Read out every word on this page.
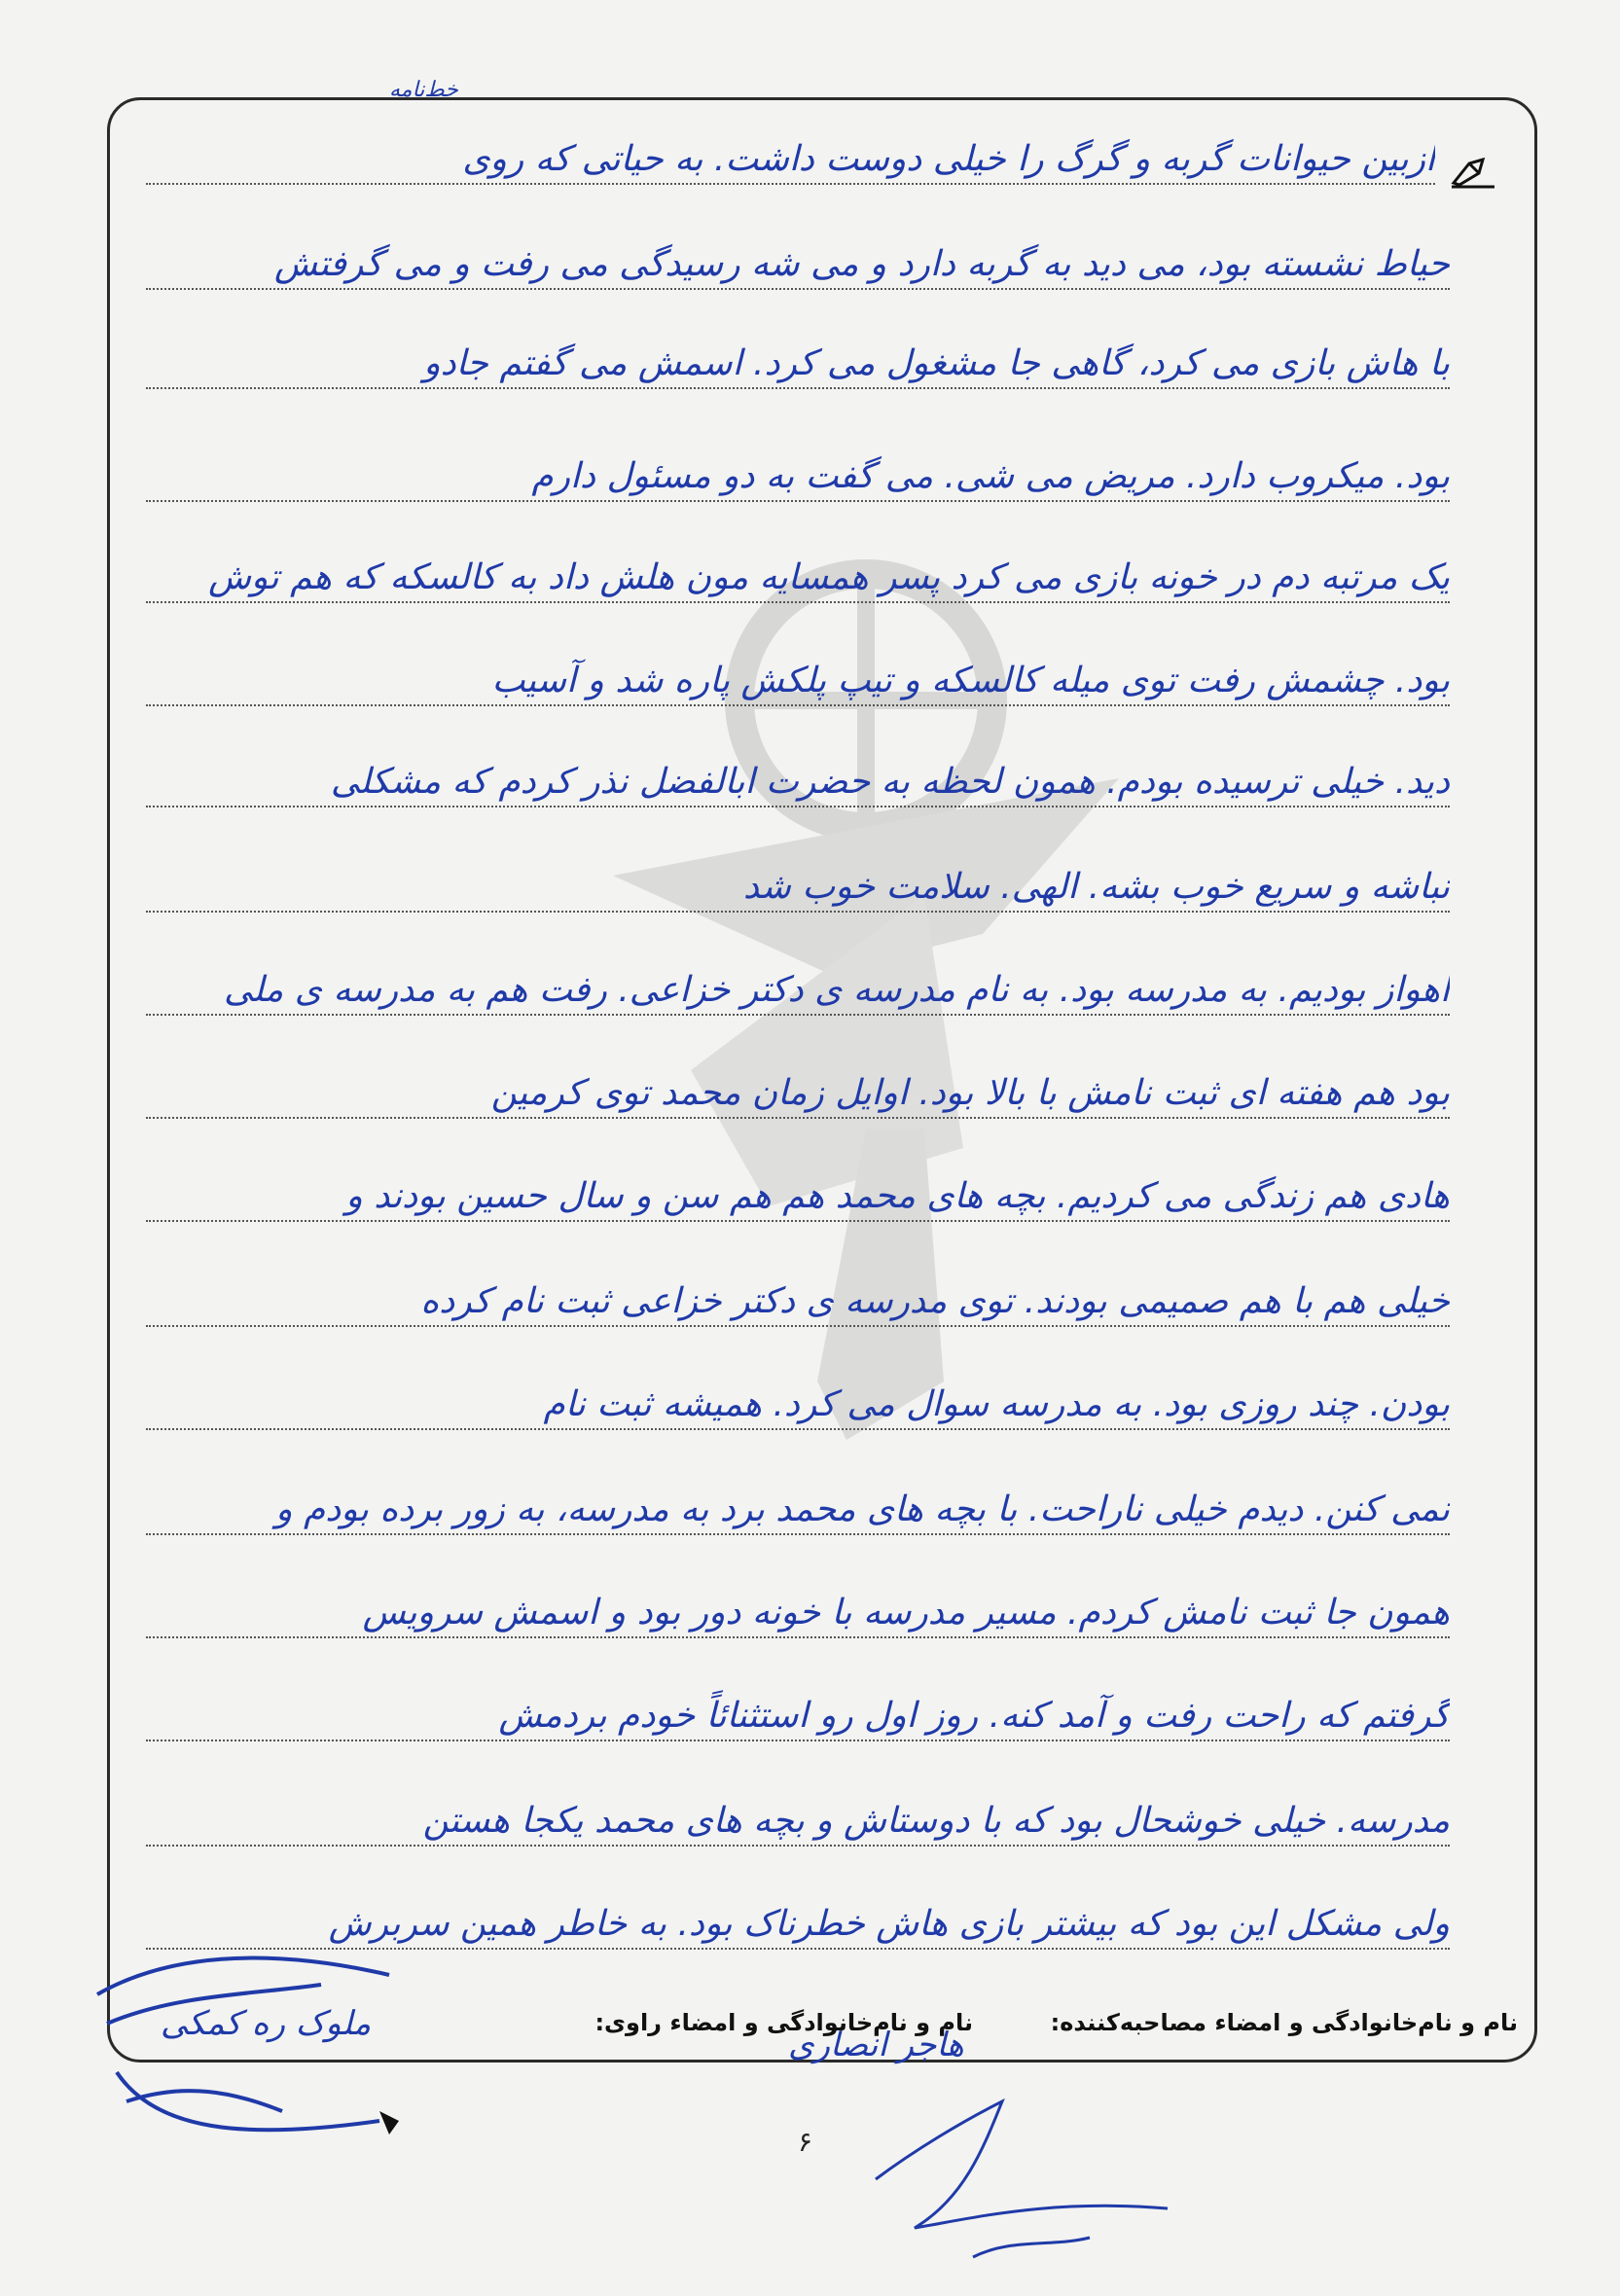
خط‌نامه
ازبین حیوانات گربه و گرگ را خیلی دوست داشت. به حیاتی که روی
حیاط نشسته بود، می دید به گربه دارد و می شه رسیدگی می رفت و می گرفتش
با هاش بازی می کرد، گاهی جا مشغول می کرد. اسمش می گفتم جادو
بود. میکروب دارد. مریض می شی. می گفت به دو مسئول دارم
یک مرتبه دم در خونه بازی می کرد پسر همسایه مون هلش داد به کالسکه که هم توش
بود. چشمش رفت توی میله کالسکه و تیپ پلکش پاره شد و آسیب
دید. خیلی ترسیده بودم. همون لحظه به حضرت ابالفضل نذر کردم که مشکلی
نباشه و سریع خوب بشه. الهی. سلامت خوب شد
اهواز بودیم. به مدرسه بود. به نام مدرسه ی دکتر خزاعی. رفت هم به مدرسه ی ملی
بود هم هفته ای ثبت نامش با بالا بود. اوایل زمان محمد توی کرمین
هادی هم زندگی می کردیم. بچه های محمد هم هم سن و سال حسین بودند و
خیلی هم با هم صمیمی بودند. توی مدرسه ی دکتر خزاعی ثبت نام کرده
بودن. چند روزی بود. به مدرسه سوال می کرد. همیشه ثبت نام
نمی کنن. دیدم خیلی ناراحت. با بچه های محمد برد به مدرسه، به زور برده بودم و
همون جا ثبت نامش کردم. مسیر مدرسه با خونه دور بود و اسمش سرویس
گرفتم که راحت رفت و آمد کنه. روز اول رو استثنائاً خودم بردمش
مدرسه. خیلی خوشحال بود که با دوستاش و بچه های محمد یکجا هستن
ولی مشکل این بود که بیشتر بازی هاش خطرناک بود. به خاطر همین سربرش
نام و نام‌خانوادگی و امضاء مصاحبه‌کننده:
نام و نام‌خانوادگی و امضاء راوی:
هاجر انصاری
ملوک ره کمکی
۶
